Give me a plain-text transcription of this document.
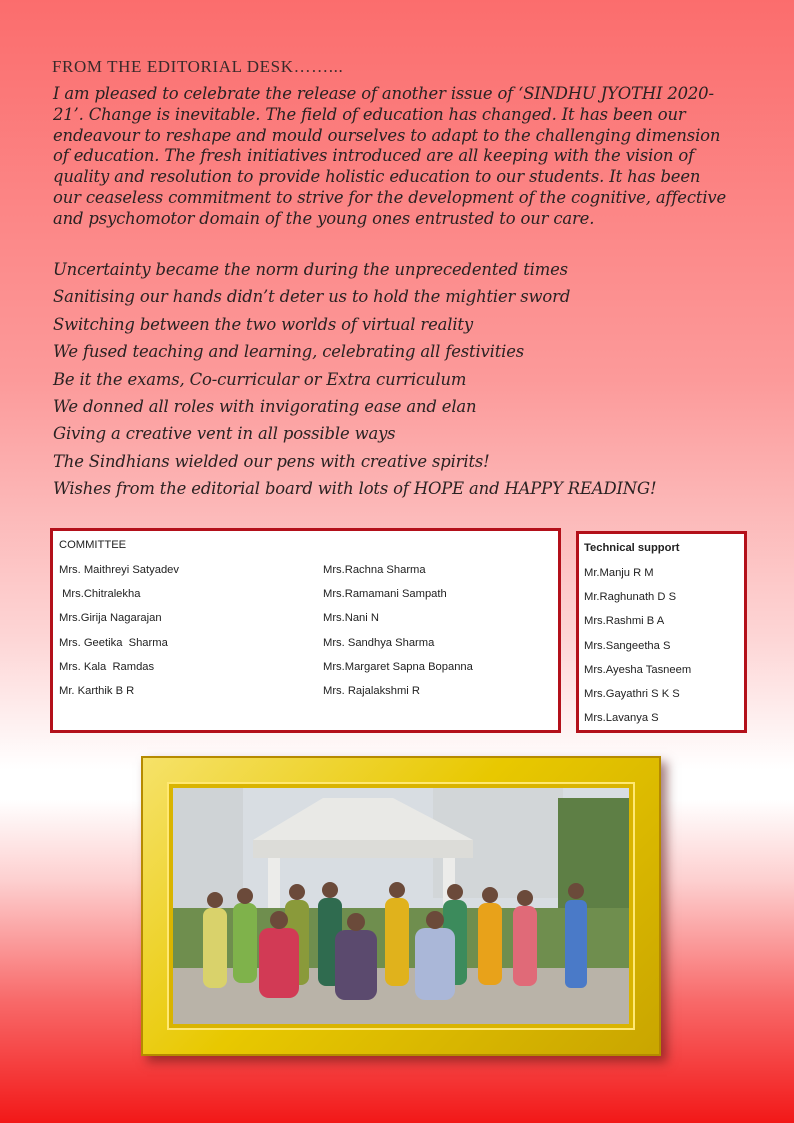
FROM THE EDITORIAL DESK……...

I am pleased to celebrate the release of another issue of ‘SINDHU JYOTHI 2020-21’. Change is inevitable. The field of education has changed. It has been our endeavour to reshape and mould ourselves to adapt to the challenging dimension of education. The fresh initiatives introduced are all keeping with the vision of quality and resolution to provide holistic education to our students. It has been our ceaseless commitment to strive for the development of the cognitive, affective and psychomotor domain of the young ones entrusted to our care.

Uncertainty became the norm during the unprecedented times
Sanitising our hands didn’t deter us to hold the mightier sword
Switching between the two worlds of virtual reality
We fused teaching and learning, celebrating all festivities
Be it the exams, Co-curricular or Extra curriculum
We donned all roles with invigorating ease and elan
Giving a creative vent in all possible ways
The Sindhians wielded our pens with creative spirits!
Wishes from the editorial board with lots of HOPE and HAPPY READING!
COMMITTEE
Mrs. Maithreyi Satyadev
Mrs.Chitralekha
Mrs.Girija Nagarajan
Mrs. Geetika  Sharma
Mrs. Kala  Ramdas
Mr. Karthik B R
Mrs.Rachna Sharma
Mrs.Ramamani Sampath
Mrs.Nani N
Mrs. Sandhya Sharma
Mrs.Margaret Sapna Bopanna
Mrs. Rajalakshmi R
Technical support
Mr.Manju R M
Mr.Raghunath D S
Mrs.Rashmi B A
Mrs.Sangeetha S
Mrs.Ayesha Tasneem
Mrs.Gayathri S K S
Mrs.Lavanya S
